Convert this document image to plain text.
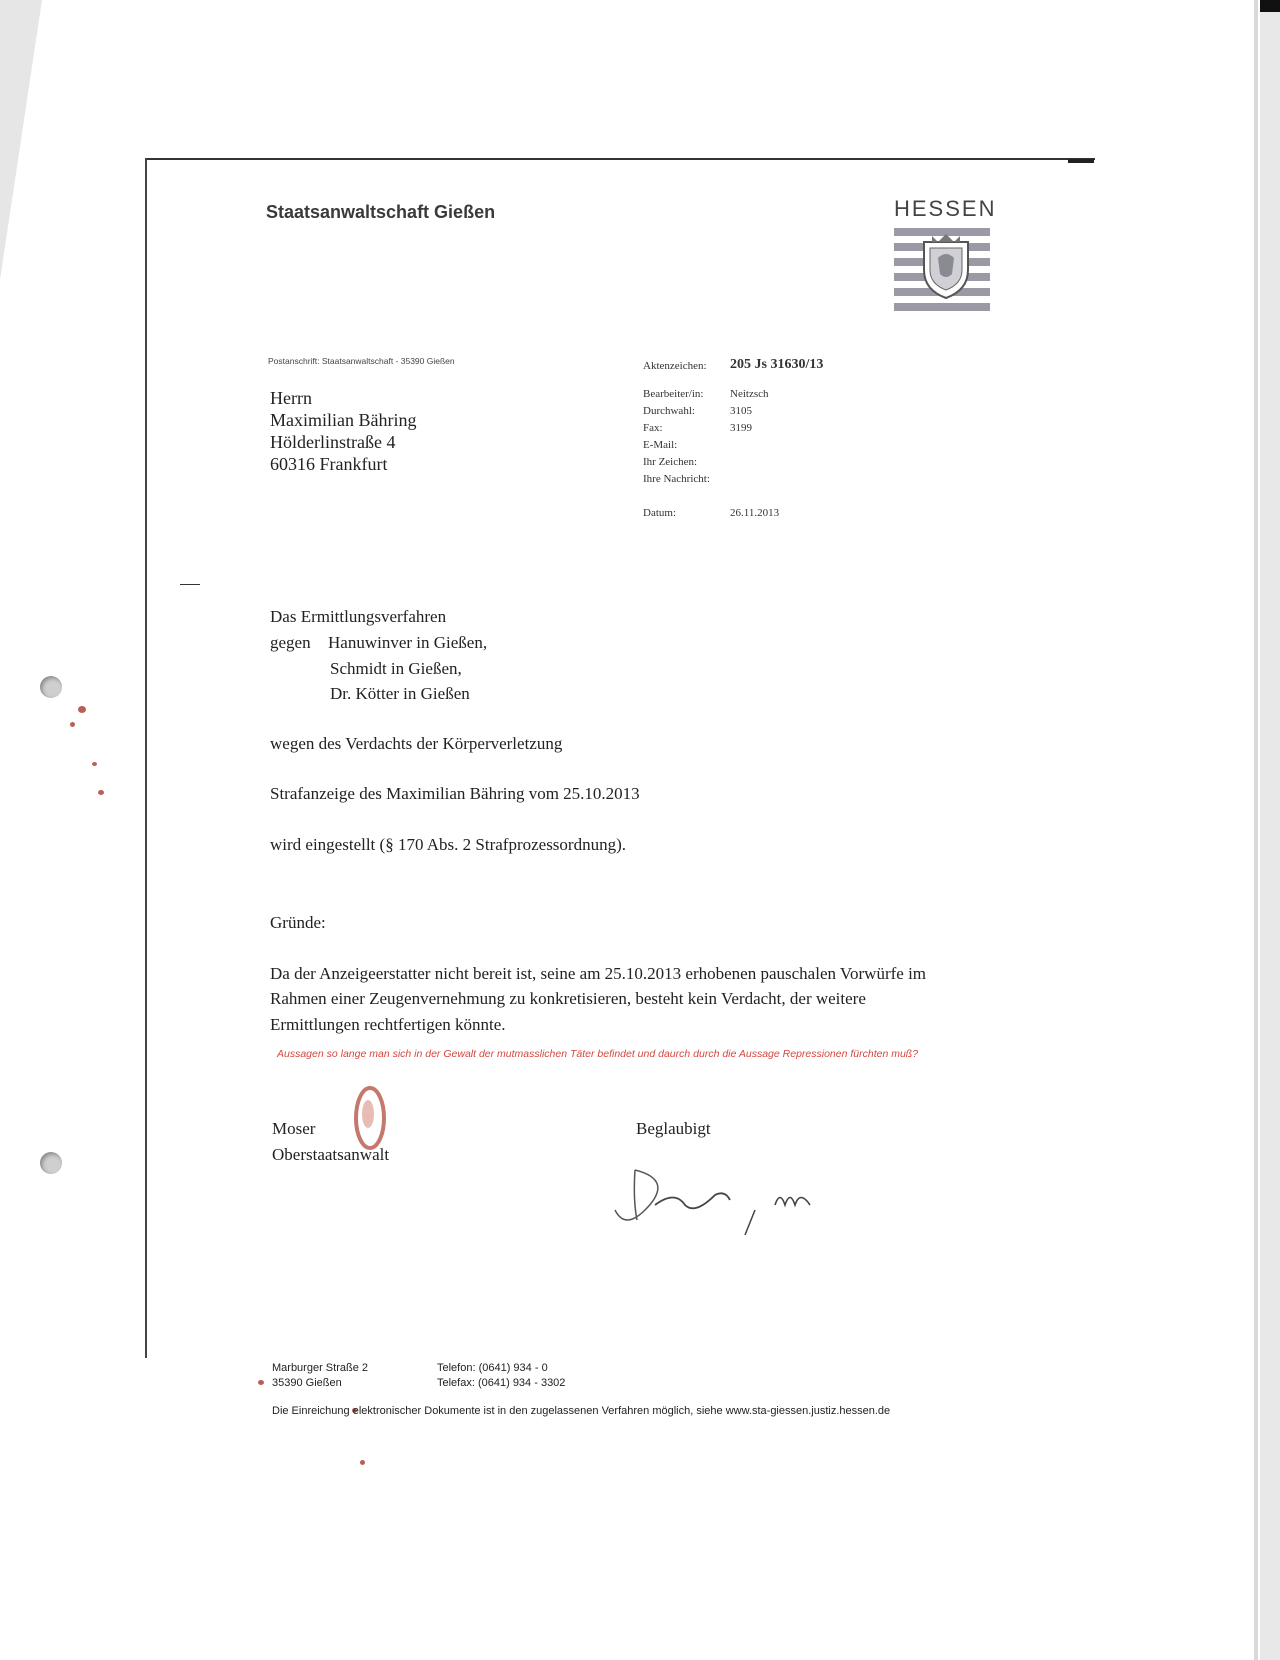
Staatsanwaltschaft Gießen	HESSEN
Postanschrift: Staatsanwaltschaft - 35390 Gießen
Herrn
Maximilian Bähring
Hölderlinstraße 4
60316 Frankfurt
Aktenzeichen: 205 Js 31630/13
Bearbeiter/in: Neitzsch
Durchwahl:	3105
Fax:	3199
E-Mail:
Ihr Zeichen:
Ihre Nachricht:
Datum:	26.11.2013
Das Ermittlungsverfahren
gegen Hanuwinver in Gießen,
Schmidt in Gießen,
Dr. Kötter in Gießen
wegen des Verdachts der Körperverletzung
Strafanzeige des Maximilian Bähring vom 25.10.2013
wird eingestellt (§ 170 Abs. 2 Strafprozessordnung).
Gründe:
Da der Anzeigeerstatter nicht bereit ist, seine am 25.10.2013 erhobenen pauschalen Vorwürfe im
Rahmen einer Zeugenvernehmung zu konkretisieren, besteht kein Verdacht, der weitere
Ermittlungen rechtfertigen könnte.
Aussagen so lange man sich in der Gewalt der mutmasslichen Täter befindet und daurch durch die Aussage Repressionen fürchten muß?
Moser
Oberstaatsanwalt
Beglaubigt
Marburger Straße 2
35390 Gießen
Telefon: (0641) 934 - 0
Telefax: (0641) 934 - 3302
Die Einreichung elektronischer Dokumente ist in den zugelassenen Verfahren möglich, siehe www.sta-giessen.justiz.hessen.de
